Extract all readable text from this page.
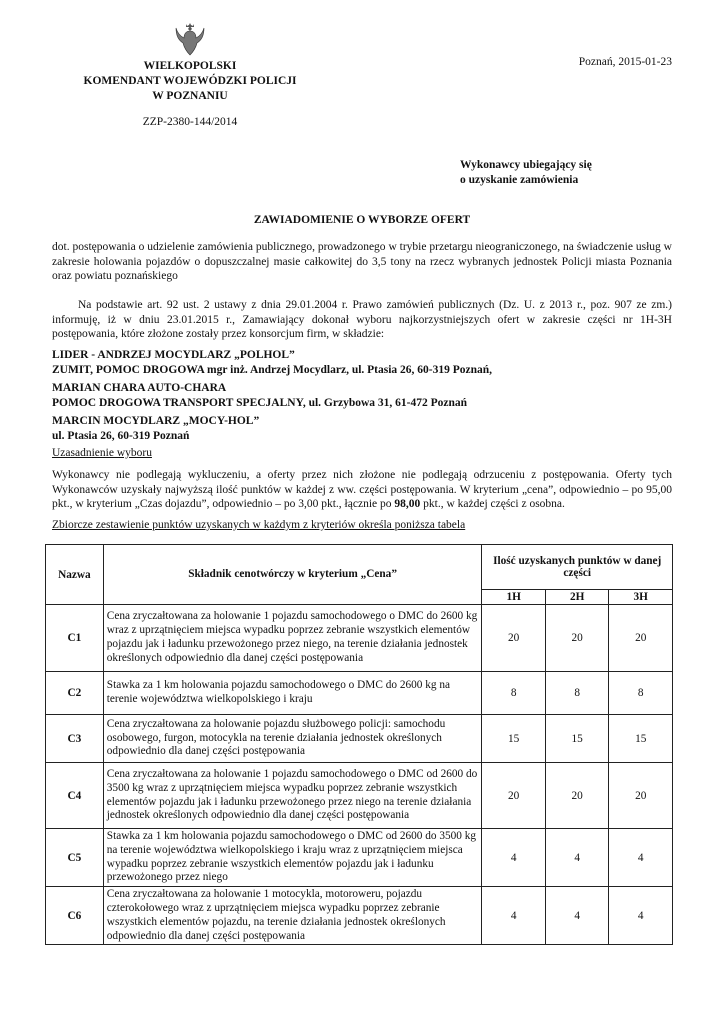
WIELKOPOLSKI
KOMENDANT WOJEWÓDZKI POLICJI
W POZNANIU
ZZP-2380-144/2014
Poznań, 2015-01-23
Wykonawcy ubiegający się
o uzyskanie zamówienia
ZAWIADOMIENIE O WYBORZE OFERT
dot. postępowania o udzielenie zamówienia publicznego, prowadzonego w trybie przetargu nieograniczonego, na świadczenie usług w zakresie holowania pojazdów o dopuszczalnej masie całkowitej do 3,5 tony na rzecz wybranych jednostek Policji miasta Poznania oraz powiatu poznańskiego
Na podstawie art. 92 ust. 2 ustawy z dnia 29.01.2004 r. Prawo zamówień publicznych (Dz. U. z 2013 r., poz. 907 ze zm.) informuję, iż w dniu 23.01.2015 r., Zamawiający dokonał wyboru najkorzystniejszych ofert w zakresie części nr 1H-3H postępowania, które złożone zostały przez konsorcjum firm, w składzie:
LIDER - ANDRZEJ MOCYDLARZ „POLHOL”
ZUMIT, POMOC DROGOWA mgr inż. Andrzej Mocydlarz, ul. Ptasia 26, 60-319 Poznań,
MARIAN CHARA AUTO-CHARA
POMOC DROGOWA TRANSPORT SPECJALNY, ul. Grzybowa 31, 61-472 Poznań
MARCIN MOCYDLARZ „MOCY-HOL”
ul. Ptasia 26, 60-319 Poznań
Uzasadnienie wyboru
Wykonawcy nie podlegają wykluczeniu, a oferty przez nich złożone nie podlegają odrzuceniu z postępowania. Oferty tych Wykonawców uzyskały najwyższą ilość punktów w każdej z ww. części postępowania. W kryterium „cena”, odpowiednio – po 95,00 pkt., w kryterium „Czas dojazdu”, odpowiednio – po 3,00 pkt., łącznie po 98,00 pkt., w każdej części z osobna.
Zbiorcze zestawienie punktów uzyskanych w każdym z kryteriów określa poniższa tabela
Nazwa	Składnik cenotwórczy w kryterium „Cena”	Ilość uzyskanych punktów w danej części		
		1H	2H	3H
C1	Cena zryczałtowana za holowanie 1 pojazdu samochodowego o DMC do 2600 kg wraz z uprzątnięciem miejsca wypadku poprzez zebranie wszystkich elementów pojazdu jak i ładunku przewożonego przez niego, na terenie działania jednostek określonych odpowiednio dla danej części postępowania	20	20	20
C2	Stawka za 1 km holowania pojazdu samochodowego o DMC do 2600 kg na terenie województwa wielkopolskiego i kraju	8	8	8
C3	Cena zryczałtowana za holowanie pojazdu służbowego policji: samochodu osobowego, furgon, motocykla na terenie działania jednostek określonych odpowiednio dla danej części postępowania	15	15	15
C4	Cena zryczałtowana za holowanie 1 pojazdu samochodowego o DMC od 2600 do 3500 kg wraz z uprzątnięciem miejsca wypadku poprzez zebranie wszystkich elementów pojazdu jak i ładunku przewożonego przez niego na terenie działania jednostek określonych odpowiednio dla danej części postępowania	20	20	20
C5	Stawka za 1 km holowania pojazdu samochodowego o DMC od 2600 do 3500 kg na terenie województwa wielkopolskiego i kraju wraz z uprzątnięciem miejsca wypadku poprzez zebranie wszystkich elementów pojazdu jak i ładunku przewożonego przez niego	4	4	4
C6	Cena zryczałtowana za holowanie 1 motocykla, motoroweru, pojazdu czterokołowego wraz z uprzątnięciem miejsca wypadku poprzez zebranie wszystkich elementów pojazdu, na terenie działania jednostek określonych odpowiednio dla danej części postępowania	4	4	4
